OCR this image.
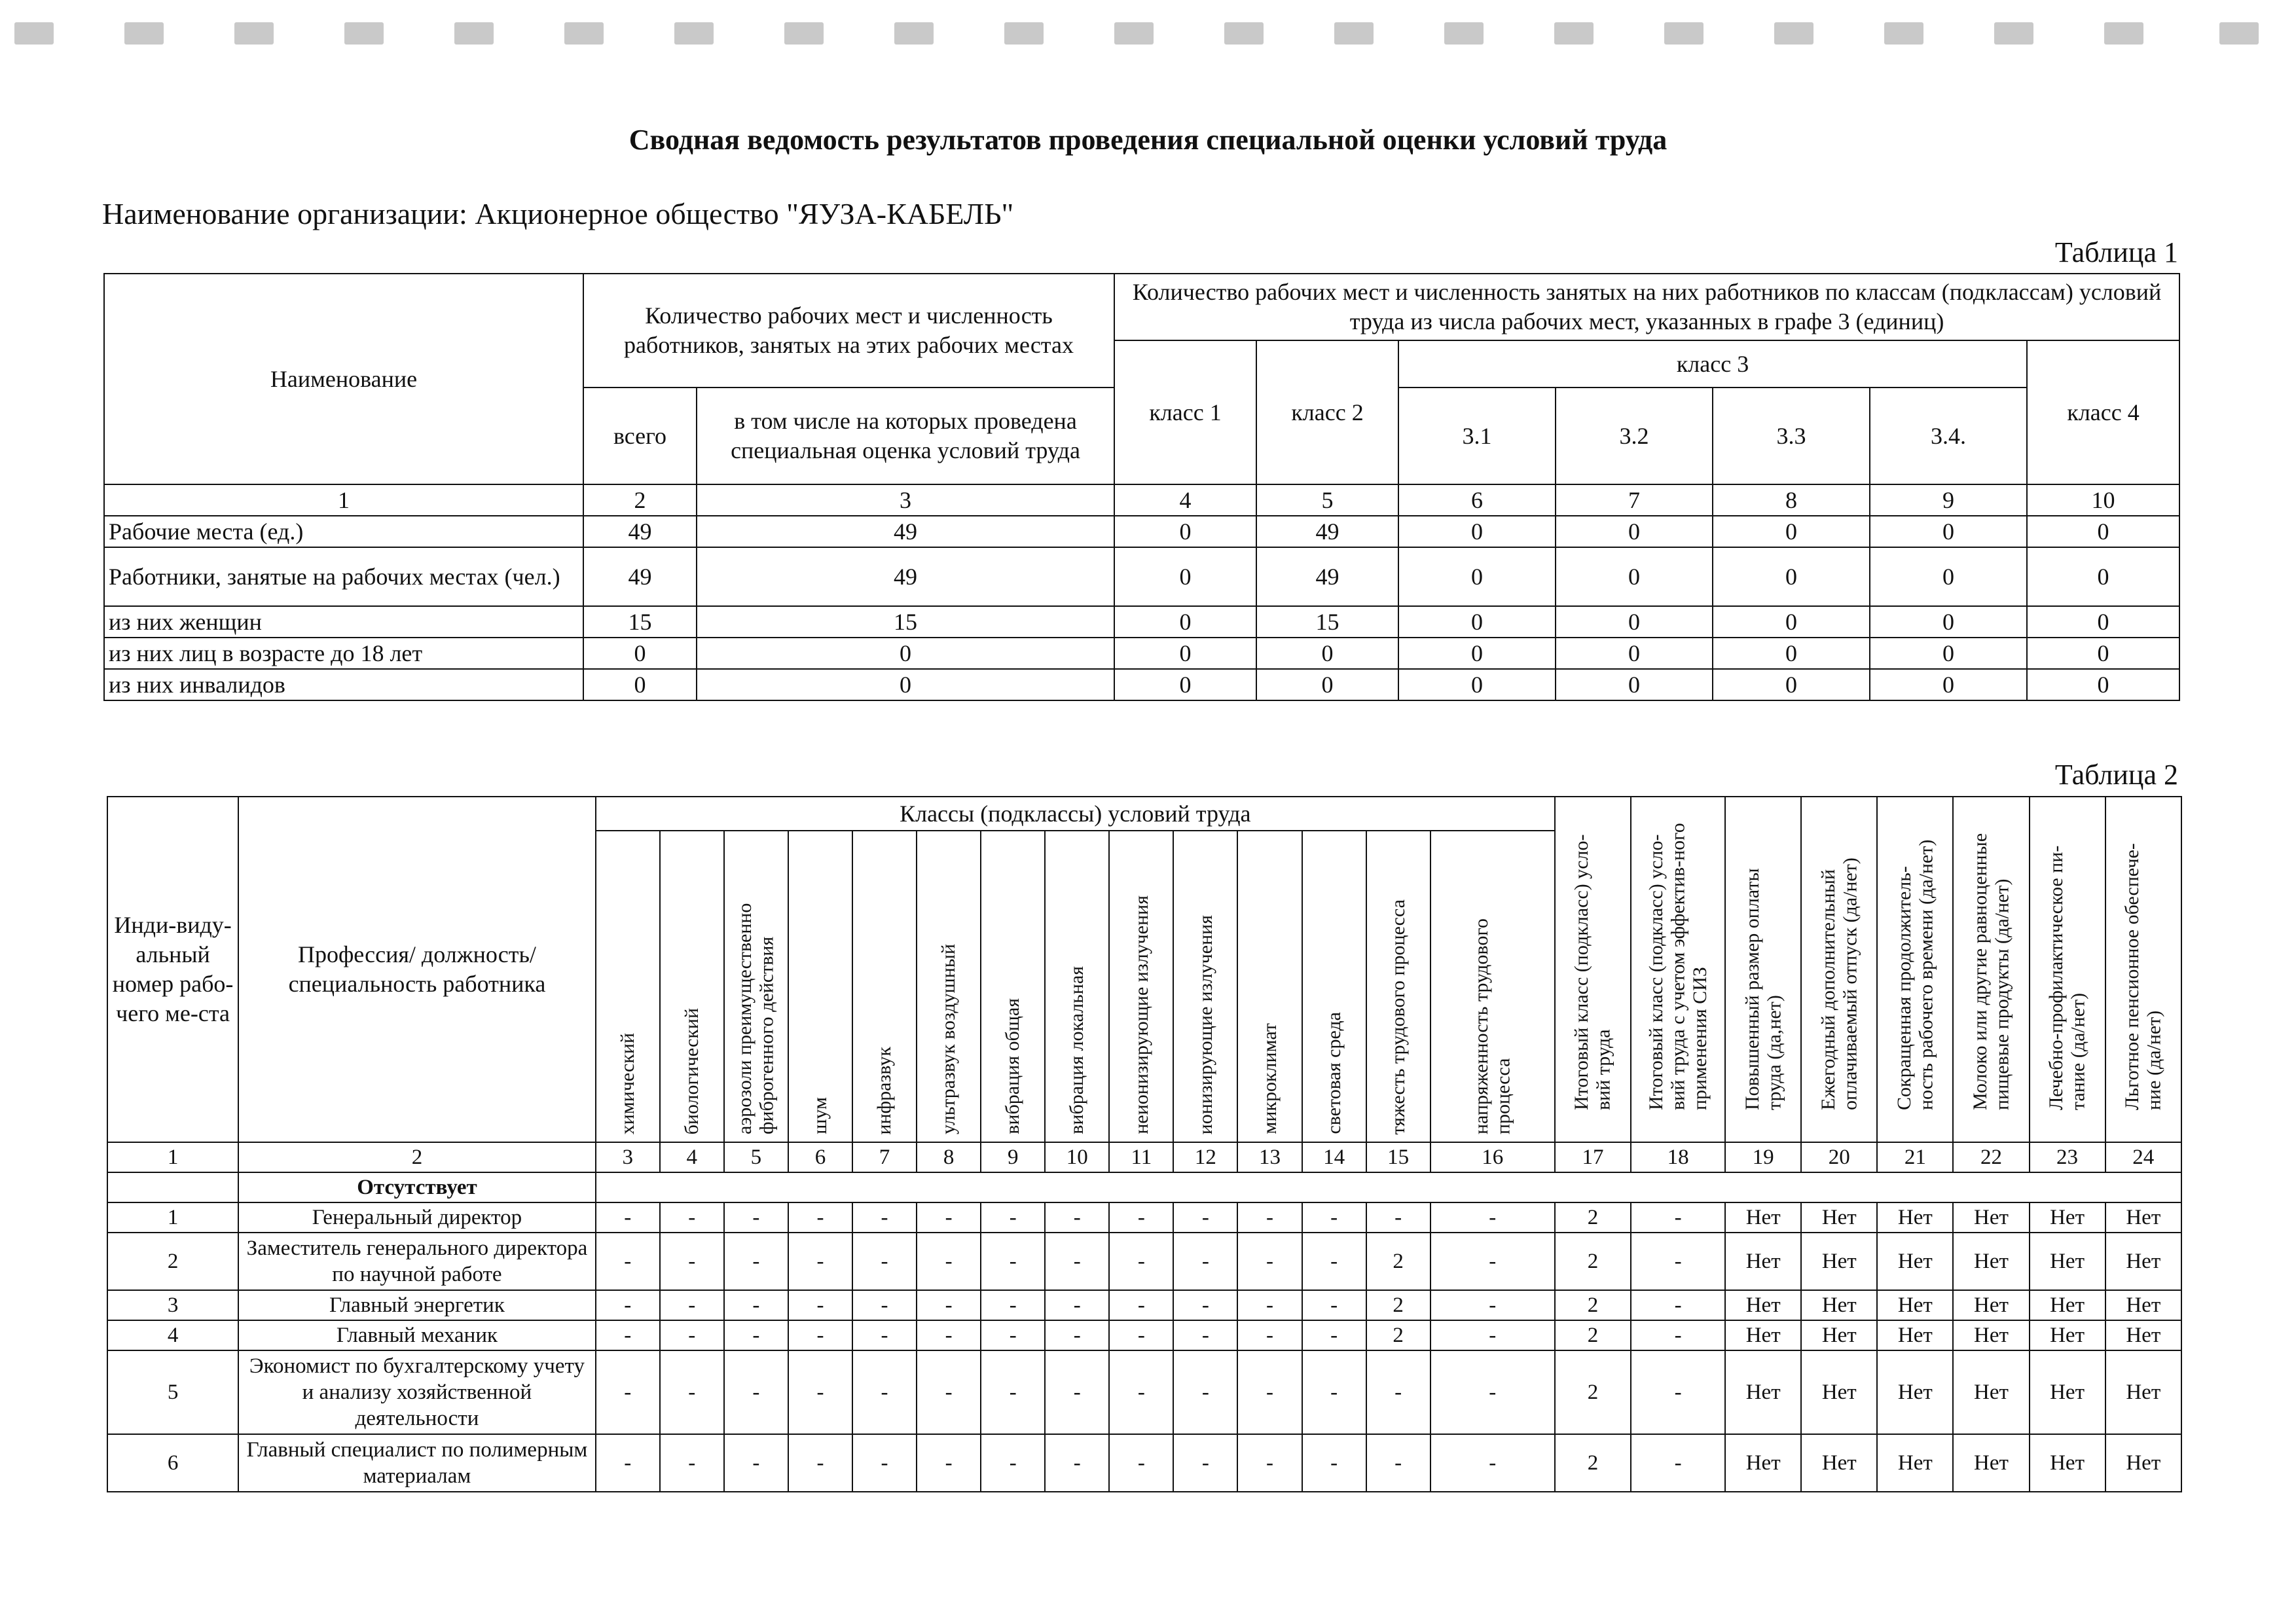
Сводная ведомость результатов проведения специальной оценки условий труда
Наименование организации: Акционерное общество "ЯУЗА-КАБЕЛЬ"
Таблица 1
Наименование	Количество рабочих мест и численность работников, занятых на этих рабочих местах		Количество рабочих мест и численность занятых на них работников по классам (подклассам) условий труда из числа рабочих мест, указанных в графе 3 (единиц)						
			класс 1	класс 2	класс 3				класс 4
	всего	в том числе на которых проведена специальная оценка условий труда			3.1	3.2	3.3	3.4.	
1	2	3	4	5	6	7	8	9	10
Рабочие места (ед.)	49	49	0	49	0	0	0	0	0
Работники, занятые на рабочих местах (чел.)	49	49	0	49	0	0	0	0	0
из них женщин	15	15	0	15	0	0	0	0	0
из них лиц в возрасте до 18 лет	0	0	0	0	0	0	0	0	0
из них инвалидов	0	0	0	0	0	0	0	0	0
Таблица 2
Инди-виду-альный номер рабо-чего ме-ста	Профессия/ должность/ специальность работника	Классы (подклассы) условий труда														Итоговый класс (подкласс) усло-вий труда	Итоговый класс (подкласс) усло-вий труда с учетом эффектив-ного применения СИЗ	Повышенный размер оплаты труда (да,нет)	Ежегодный дополнительный оплачиваемый отпуск (да/нет)	Сокращенная продолжитель-ность рабочего времени (да/нет)	Молоко или другие равноценные пищевые продукты (да/нет)	Лечебно-профилактическое пи-тание (да/нет)	Льготное пенсионное обеспече-ние (да/нет)
		химический	биологический	аэрозоли преимущественно фиброгенного действия	шум	инфразвук	ультразвук воздушный	вибрация общая	вибрация локальная	неионизирующие излучения	ионизирующие излучения	микроклимат	световая среда	тяжесть трудового процесса	напряженность трудового процесса								
1	2	3	4	5	6	7	8	9	10	11	12	13	14	15	16	17	18	19	20	21	22	23	24
	Отсутствует																						
1	Генеральный директор	-	-	-	-	-	-	-	-	-	-	-	-	-	-	2	-	Нет	Нет	Нет	Нет	Нет	Нет
2	Заместитель генерального директора по научной работе	-	-	-	-	-	-	-	-	-	-	-	-	2	-	2	-	Нет	Нет	Нет	Нет	Нет	Нет
3	Главный энергетик	-	-	-	-	-	-	-	-	-	-	-	-	2	-	2	-	Нет	Нет	Нет	Нет	Нет	Нет
4	Главный механик	-	-	-	-	-	-	-	-	-	-	-	-	2	-	2	-	Нет	Нет	Нет	Нет	Нет	Нет
5	Экономист по бухгалтерскому учету и анализу хозяйственной деятельности	-	-	-	-	-	-	-	-	-	-	-	-	-	-	2	-	Нет	Нет	Нет	Нет	Нет	Нет
6	Главный специалист по полимерным материалам	-	-	-	-	-	-	-	-	-	-	-	-	-	-	2	-	Нет	Нет	Нет	Нет	Нет	Нет
